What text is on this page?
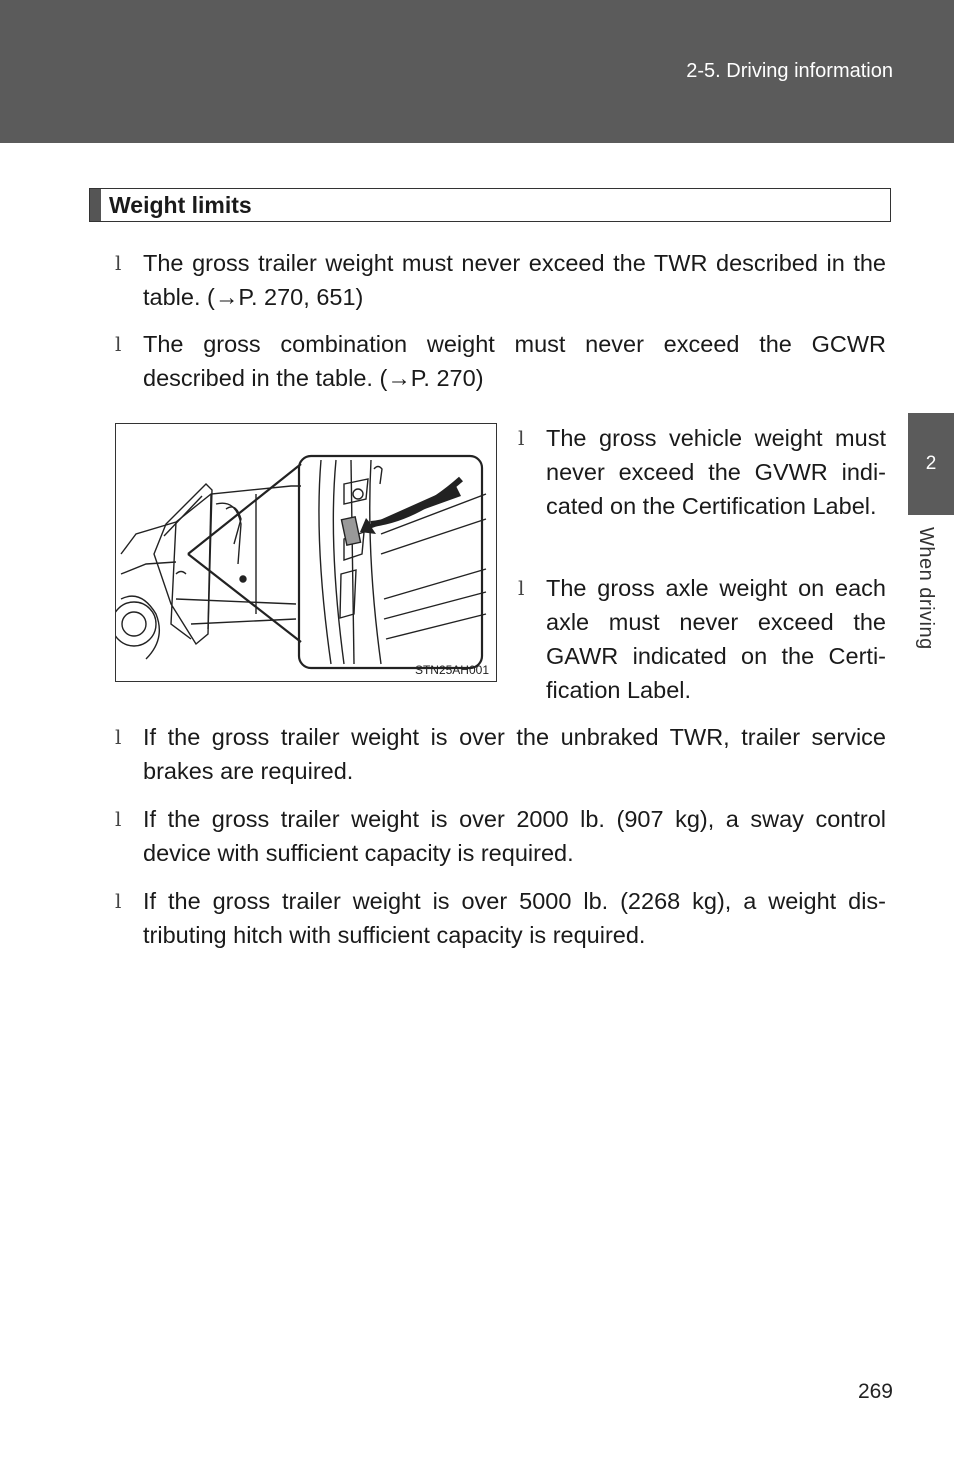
2-5. Driving information
2
When driving
Weight limits
l The gross trailer weight must never exceed the TWR described in the table. (→P. 270, 651)
l The gross combination weight must never exceed the GCWR described in the table. (→P. 270)
STN25AH001
l The gross vehicle weight must never exceed the GVWR indi-cated on the Certification Label.
l The gross axle weight on each axle must never exceed the GAWR indicated on the Certi-fication Label.
l If the gross trailer weight is over the unbraked TWR, trailer service brakes are required.
l If the gross trailer weight is over 2000 lb. (907 kg), a sway control device with sufficient capacity is required.
l If the gross trailer weight is over 5000 lb. (2268 kg), a weight dis-tributing hitch with sufficient capacity is required.
269
